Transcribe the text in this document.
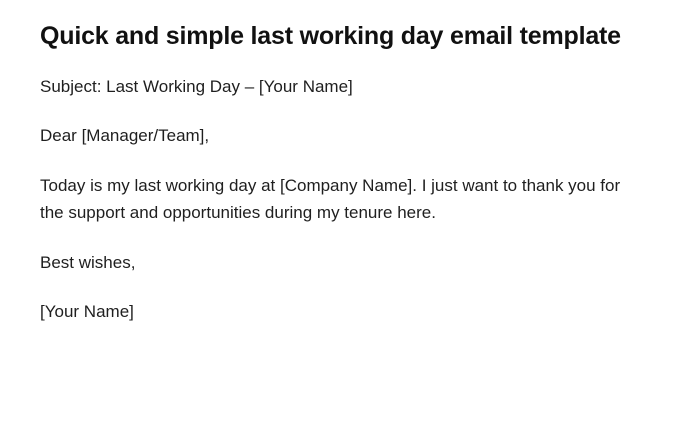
Quick and simple last working day email template

Subject: Last Working Day – [Your Name]

Dear [Manager/Team],

Today is my last working day at [Company Name]. I just want to thank you for the support and opportunities during my tenure here.

Best wishes,

[Your Name]
